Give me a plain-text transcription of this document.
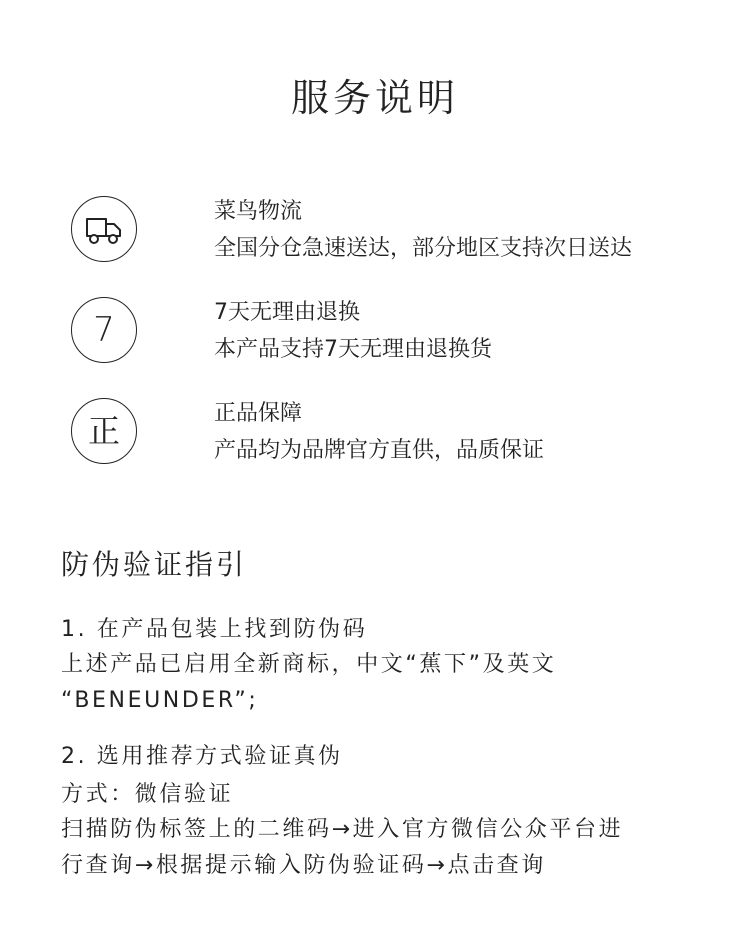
服务说明
菜鸟物流
全国分仓急速送达，部分地区支持次日送达
7	7天无理由退换
本产品支持7天无理由退换货
正	正品保障
产品均为品牌官方直供，品质保证
防伪验证指引
1. 在产品包装上找到防伪码
上述产品已启用全新商标，中文“蕉下”及英文
“BENEUNDER”;
2. 选用推荐方式验证真伪
方式：微信验证
扫描防伪标签上的二维码→进入官方微信公众平台进
行查询→根据提示输入防伪验证码→点击查询
